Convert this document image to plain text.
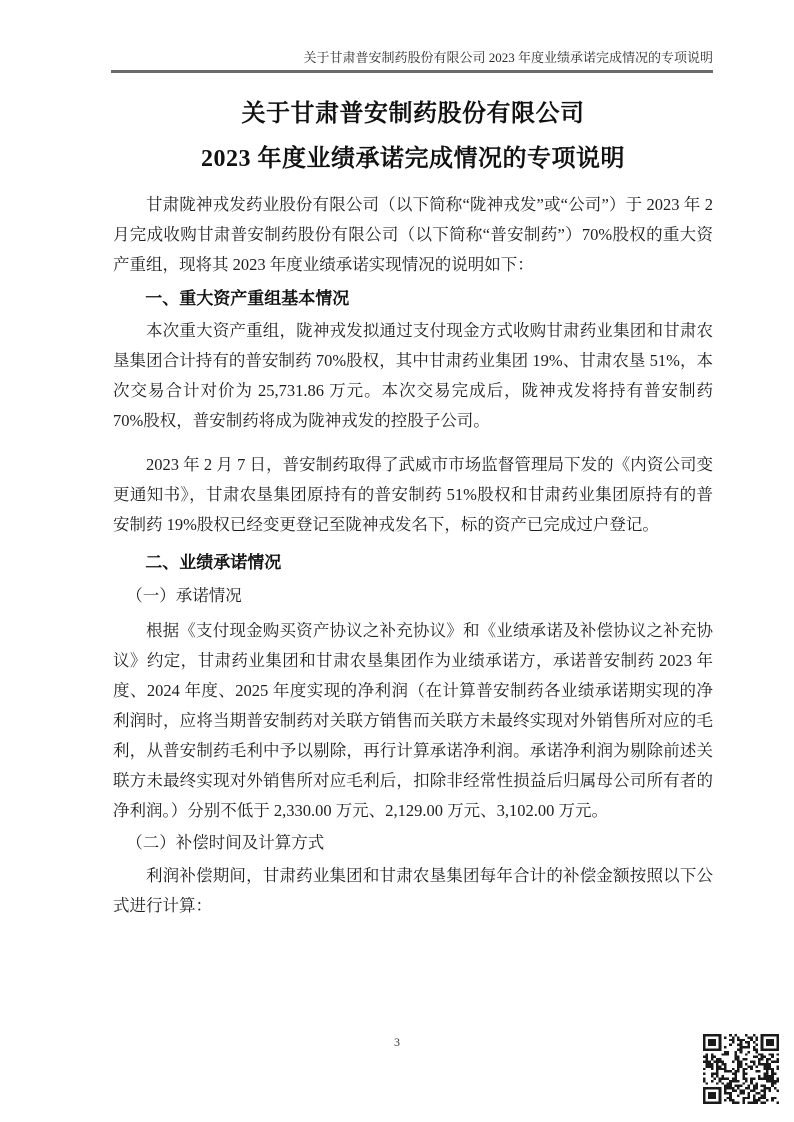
关于甘肃普安制药股份有限公司 2023 年度业绩承诺完成情况的专项说明
关于甘肃普安制药股份有限公司
2023 年度业绩承诺完成情况的专项说明

甘肃陇神戎发药业股份有限公司（以下简称“陇神戎发”或“公司”）于 2023 年 2 月完成收购甘肃普安制药股份有限公司（以下简称“普安制药”）70%股权的重大资产重组，现将其 2023 年度业绩承诺实现情况的说明如下：

一、重大资产重组基本情况

本次重大资产重组，陇神戎发拟通过支付现金方式收购甘肃药业集团和甘肃农垦集团合计持有的普安制药 70%股权，其中甘肃药业集团 19%、甘肃农垦 51%，本次交易合计对价为 25,731.86 万元。本次交易完成后，陇神戎发将持有普安制药 70%股权，普安制药将成为陇神戎发的控股子公司。

2023 年 2 月 7 日，普安制药取得了武威市市场监督管理局下发的《内资公司变更通知书》，甘肃农垦集团原持有的普安制药 51%股权和甘肃药业集团原持有的普安制药 19%股权已经变更登记至陇神戎发名下，标的资产已完成过户登记。

二、业绩承诺情况

（一）承诺情况

根据《支付现金购买资产协议之补充协议》和《业绩承诺及补偿协议之补充协议》约定，甘肃药业集团和甘肃农垦集团作为业绩承诺方，承诺普安制药 2023 年度、2024 年度、2025 年度实现的净利润（在计算普安制药各业绩承诺期实现的净利润时，应将当期普安制药对关联方销售而关联方未最终实现对外销售所对应的毛利，从普安制药毛利中予以剔除，再行计算承诺净利润。承诺净利润为剔除前述关联方未最终实现对外销售所对应毛利后，扣除非经常性损益后归属母公司所有者的净利润。）分别不低于 2,330.00 万元、2,129.00 万元、3,102.00 万元。

（二）补偿时间及计算方式

利润补偿期间，甘肃药业集团和甘肃农垦集团每年合计的补偿金额按照以下公式进行计算：

3
